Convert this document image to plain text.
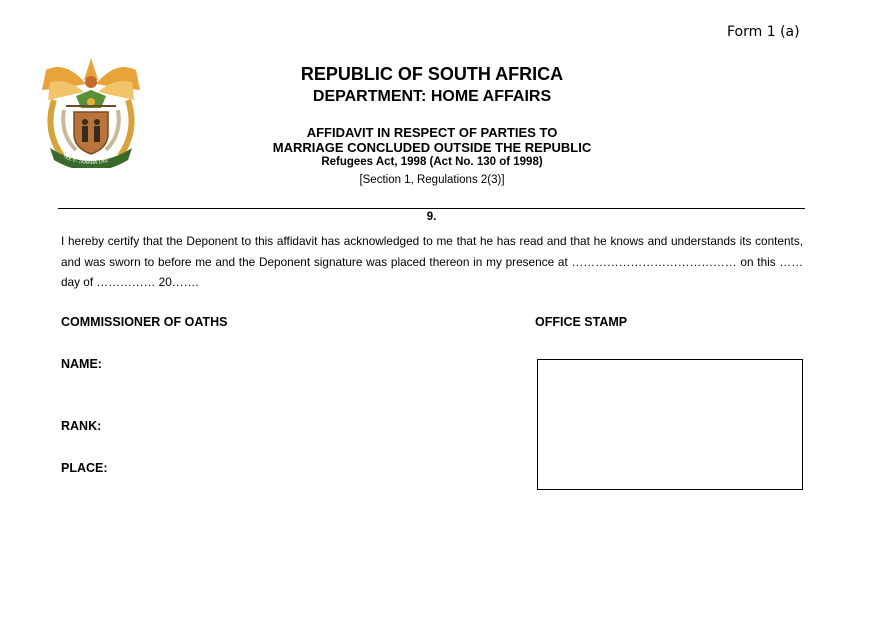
Form 1 (a)
!KE E: /XARRA //KE
REPUBLIC OF SOUTH AFRICA
DEPARTMENT: HOME AFFAIRS
AFFIDAVIT IN RESPECT OF PARTIES TO
MARRIAGE CONCLUDED OUTSIDE THE REPUBLIC
Refugees Act, 1998 (Act No. 130 of 1998)
[Section 1, Regulations 2(3)]
9.
I hereby certify that the Deponent to this affidavit has acknowledged to me that he has read and that he knows and understands its contents, and was sworn to before me and the Deponent signature was placed thereon in my presence at …………………………………… on this …… day of …………… 20…….
COMMISSIONER OF OATHS	OFFICE STAMP
NAME:
RANK:
PLACE:
